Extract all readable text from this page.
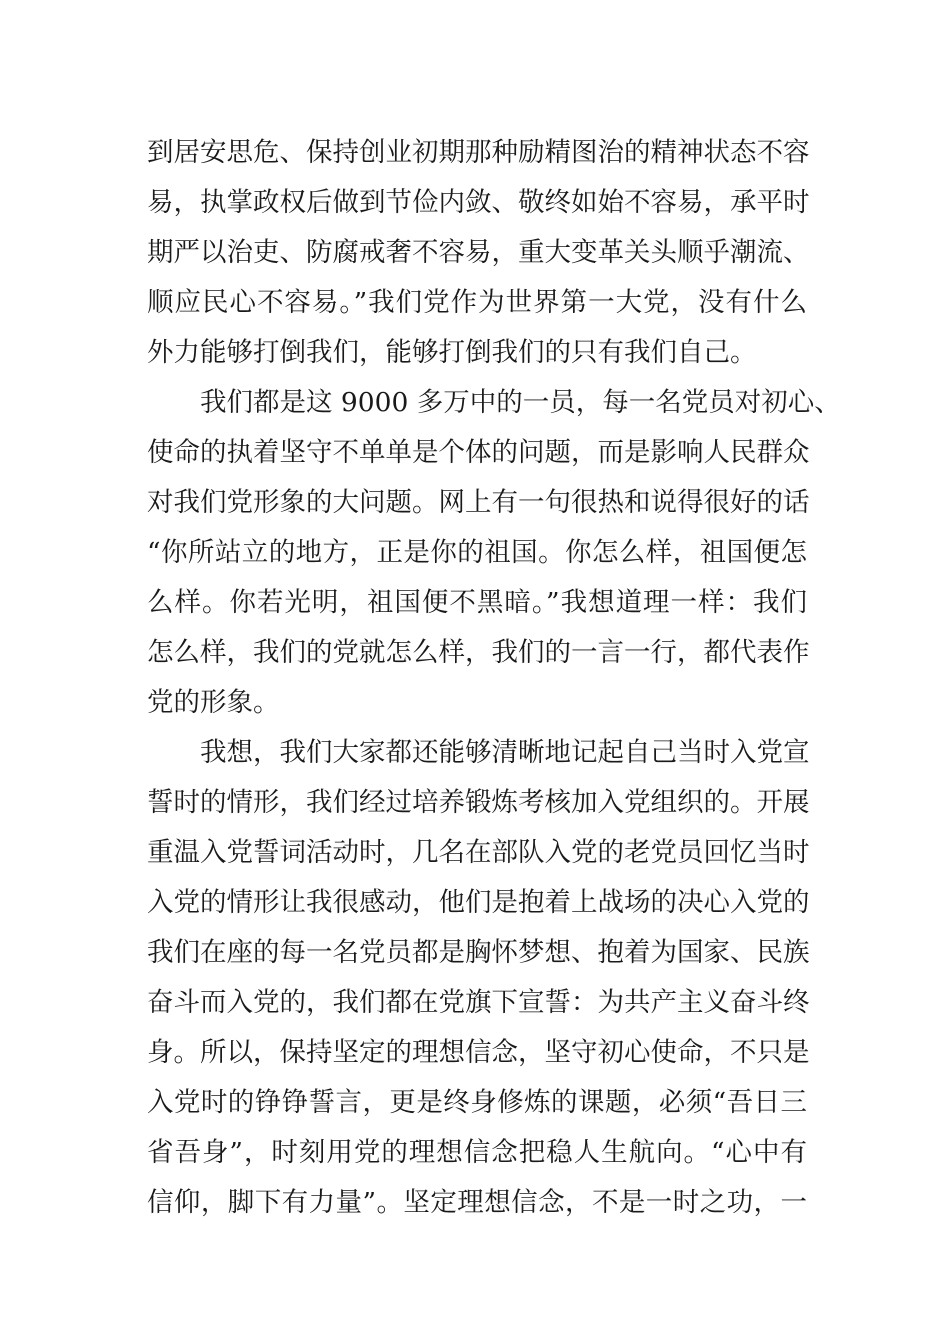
到居安思危、保持创业初期那种励精图治的精神状态不容
易，执掌政权后做到节俭内敛、敬终如始不容易，承平时
期严以治吏、防腐戒奢不容易，重大变革关头顺乎潮流、
顺应民心不容易。”我们党作为世界第一大党，没有什么
外力能够打倒我们，能够打倒我们的只有我们自己。
我们都是这 9000 多万中的一员，每一名党员对初心、
使命的执着坚守不单单是个体的问题，而是影响人民群众
对我们党形象的大问题。网上有一句很热和说得很好的话
“你所站立的地方，正是你的祖国。你怎么样，祖国便怎
么样。你若光明，祖国便不黑暗。”我想道理一样：我们
怎么样，我们的党就怎么样，我们的一言一行，都代表作
党的形象。
我想，我们大家都还能够清晰地记起自己当时入党宣
誓时的情形，我们经过培养锻炼考核加入党组织的。开展
重温入党誓词活动时，几名在部队入党的老党员回忆当时
入党的情形让我很感动，他们是抱着上战场的决心入党的
我们在座的每一名党员都是胸怀梦想、抱着为国家、民族
奋斗而入党的，我们都在党旗下宣誓：为共产主义奋斗终
身。所以，保持坚定的理想信念，坚守初心使命，不只是
入党时的铮铮誓言，更是终身修炼的课题，必须“吾日三
省吾身”，时刻用党的理想信念把稳人生航向。“心中有
信仰，脚下有力量”。坚定理想信念，不是一时之功，一
